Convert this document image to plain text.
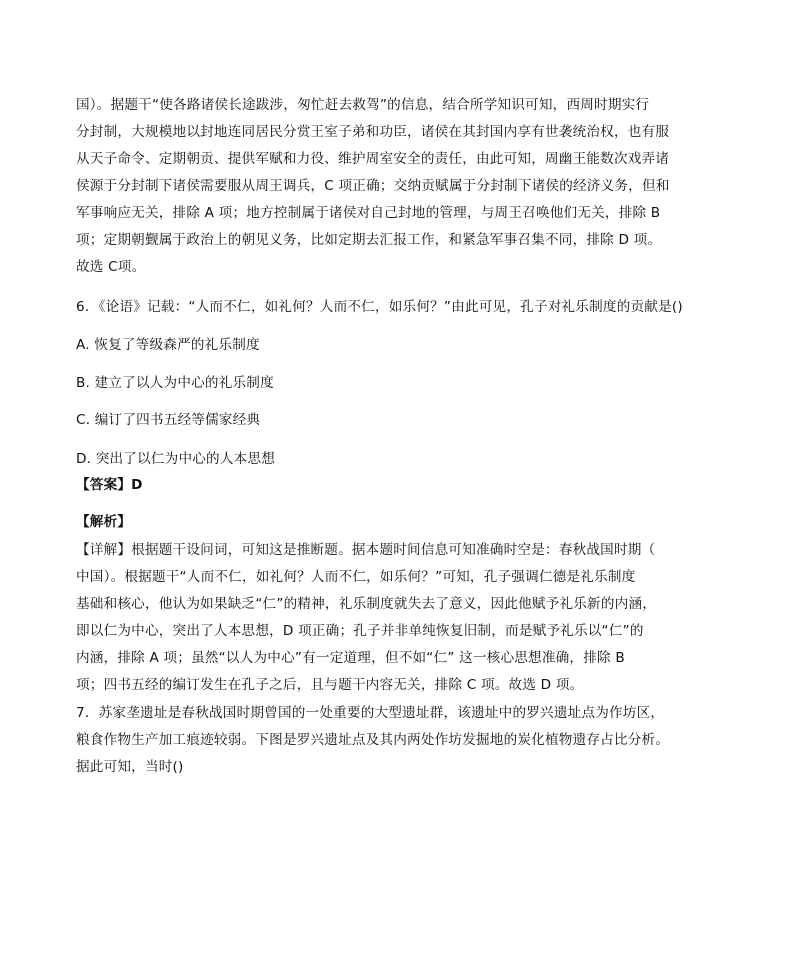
国）。据题干“使各路诸侯长途跋涉，匆忙赶去救驾”的信息，结合所学知识可知，西周时期实行
分封制，大规模地以封地连同居民分赏王室子弟和功臣，诸侯在其封国内享有世袭统治权，也有服
从天子命令、定期朝贡、提供军赋和力役、维护周室安全的责任，由此可知，周幽王能数次戏弄诸
侯源于分封制下诸侯需要服从周王调兵，C 项正确；交纳贡赋属于分封制下诸侯的经济义务，但和
军事响应无关，排除 A 项；地方控制属于诸侯对自己封地的管理，与周王召唤他们无关，排除 B
项；定期朝觐属于政治上的朝见义务，比如定期去汇报工作，和紧急军事召集不同，排除 D 项。
故选 C项。
6．《论语》记载：“人而不仁，如礼何？人而不仁，如乐何？”由此可见，孔子对礼乐制度的贡献是()
A. 恢复了等级森严的礼乐制度
B. 建立了以人为中心的礼乐制度
C. 编订了四书五经等儒家经典
D. 突出了以仁为中心的人本思想
【答案】D
【解析】
【详解】根据题干设问词，可知这是推断题。据本题时间信息可知准确时空是：春秋战国时期（
中国）。根据题干“人而不仁，如礼何？人而不仁，如乐何？”可知，孔子强调仁德是礼乐制度
基础和核心，他认为如果缺乏“仁”的精神，礼乐制度就失去了意义，因此他赋予礼乐新的内涵，
即以仁为中心，突出了人本思想，D 项正确；孔子并非单纯恢复旧制，而是赋予礼乐以“仁”的
内涵，排除 A 项；虽然“以人为中心”有一定道理，但不如“仁” 这一核心思想准确，排除 B
项；四书五经的编订发生在孔子之后，且与题干内容无关，排除 C 项。故选 D 项。
7．苏家垄遗址是春秋战国时期曾国的一处重要的大型遗址群，该遗址中的罗兴遗址点为作坊区，
粮食作物生产加工痕迹较弱。下图是罗兴遗址点及其内两处作坊发掘地的炭化植物遗存占比分析。
据此可知，当时()
